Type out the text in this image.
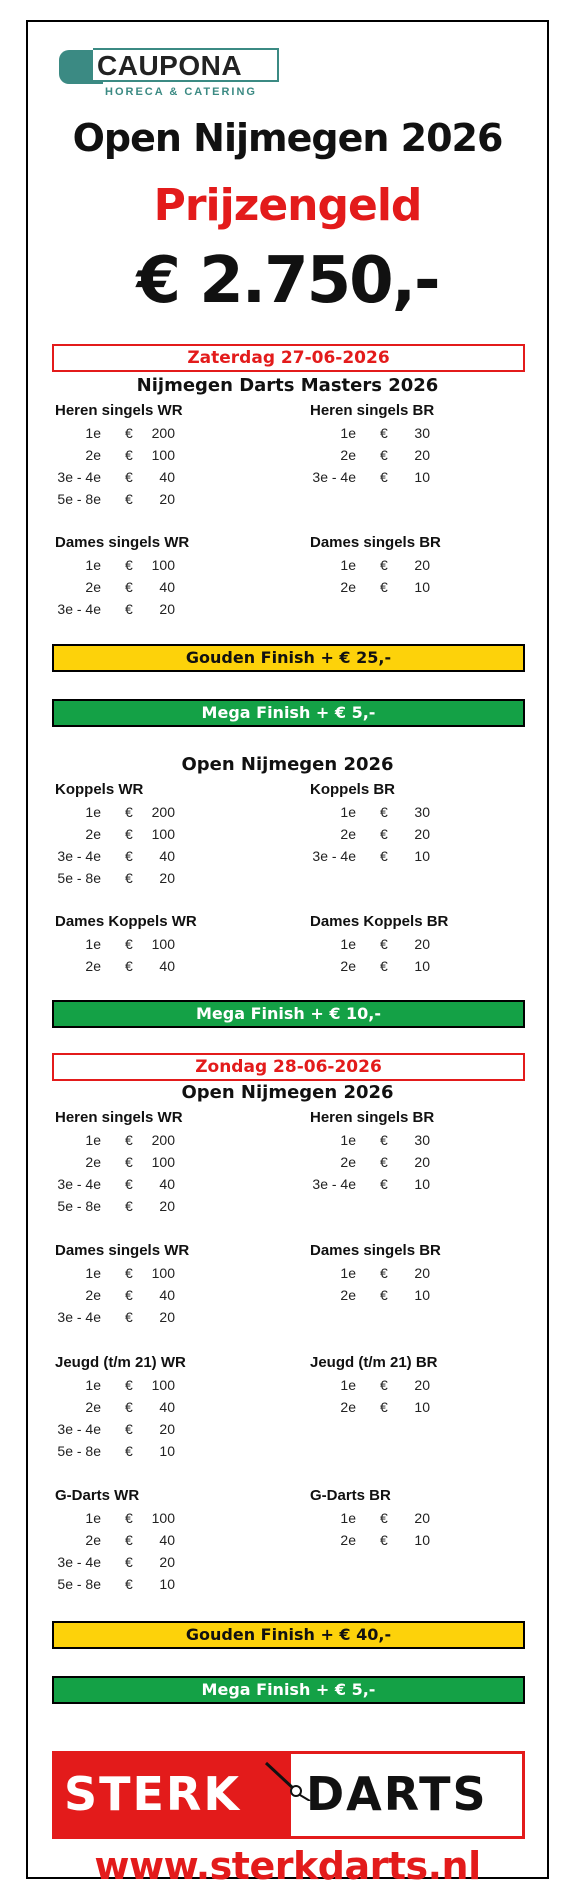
CAUPONA
HORECA & CATERING
Open Nijmegen 2026
Prijzengeld
€ 2.750,-
Zaterdag 27-06-2026
Nijmegen Darts Masters 2026
Heren singels WR
1e €	200
2e €	100
3e - 4e €	40
5e - 8e €	20
Heren singels BR
1e €	30
2e €	20
3e - 4e €	10
Dames singels WR
1e €	100
2e €	40
3e - 4e €	20
Dames singels BR
1e €	20
2e €	10
Gouden Finish + € 25,-
Mega Finish + € 5,-
Open Nijmegen 2026
Koppels WR
1e €	200
2e €	100
3e - 4e €	40
5e - 8e €	20
Koppels BR
1e €	30
2e €	20
3e - 4e €	10
Dames Koppels WR
1e €	100
2e €	40
Dames Koppels BR
1e €	20
2e €	10
Mega Finish + € 10,-
Zondag 28-06-2026
Open Nijmegen 2026
Heren singels WR
1e €	200
2e €	100
3e - 4e €	40
5e - 8e €	20
Heren singels BR
1e €	30
2e €	20
3e - 4e €	10
Dames singels WR
1e €	100
2e €	40
3e - 4e €	20
Dames singels BR
1e €	20
2e €	10
Jeugd (t/m 21) WR
1e €	100
2e €	40
3e - 4e €	20
5e - 8e €	10
Jeugd (t/m 21) BR
1e €	20
2e €	10
G-Darts WR
1e €	100
2e €	40
3e - 4e €	20
5e - 8e €	10
G-Darts BR
1e €	20
2e €	10
Gouden Finish + € 40,-
Mega Finish + € 5,-
STERK DARTS
www.sterkdarts.nl
